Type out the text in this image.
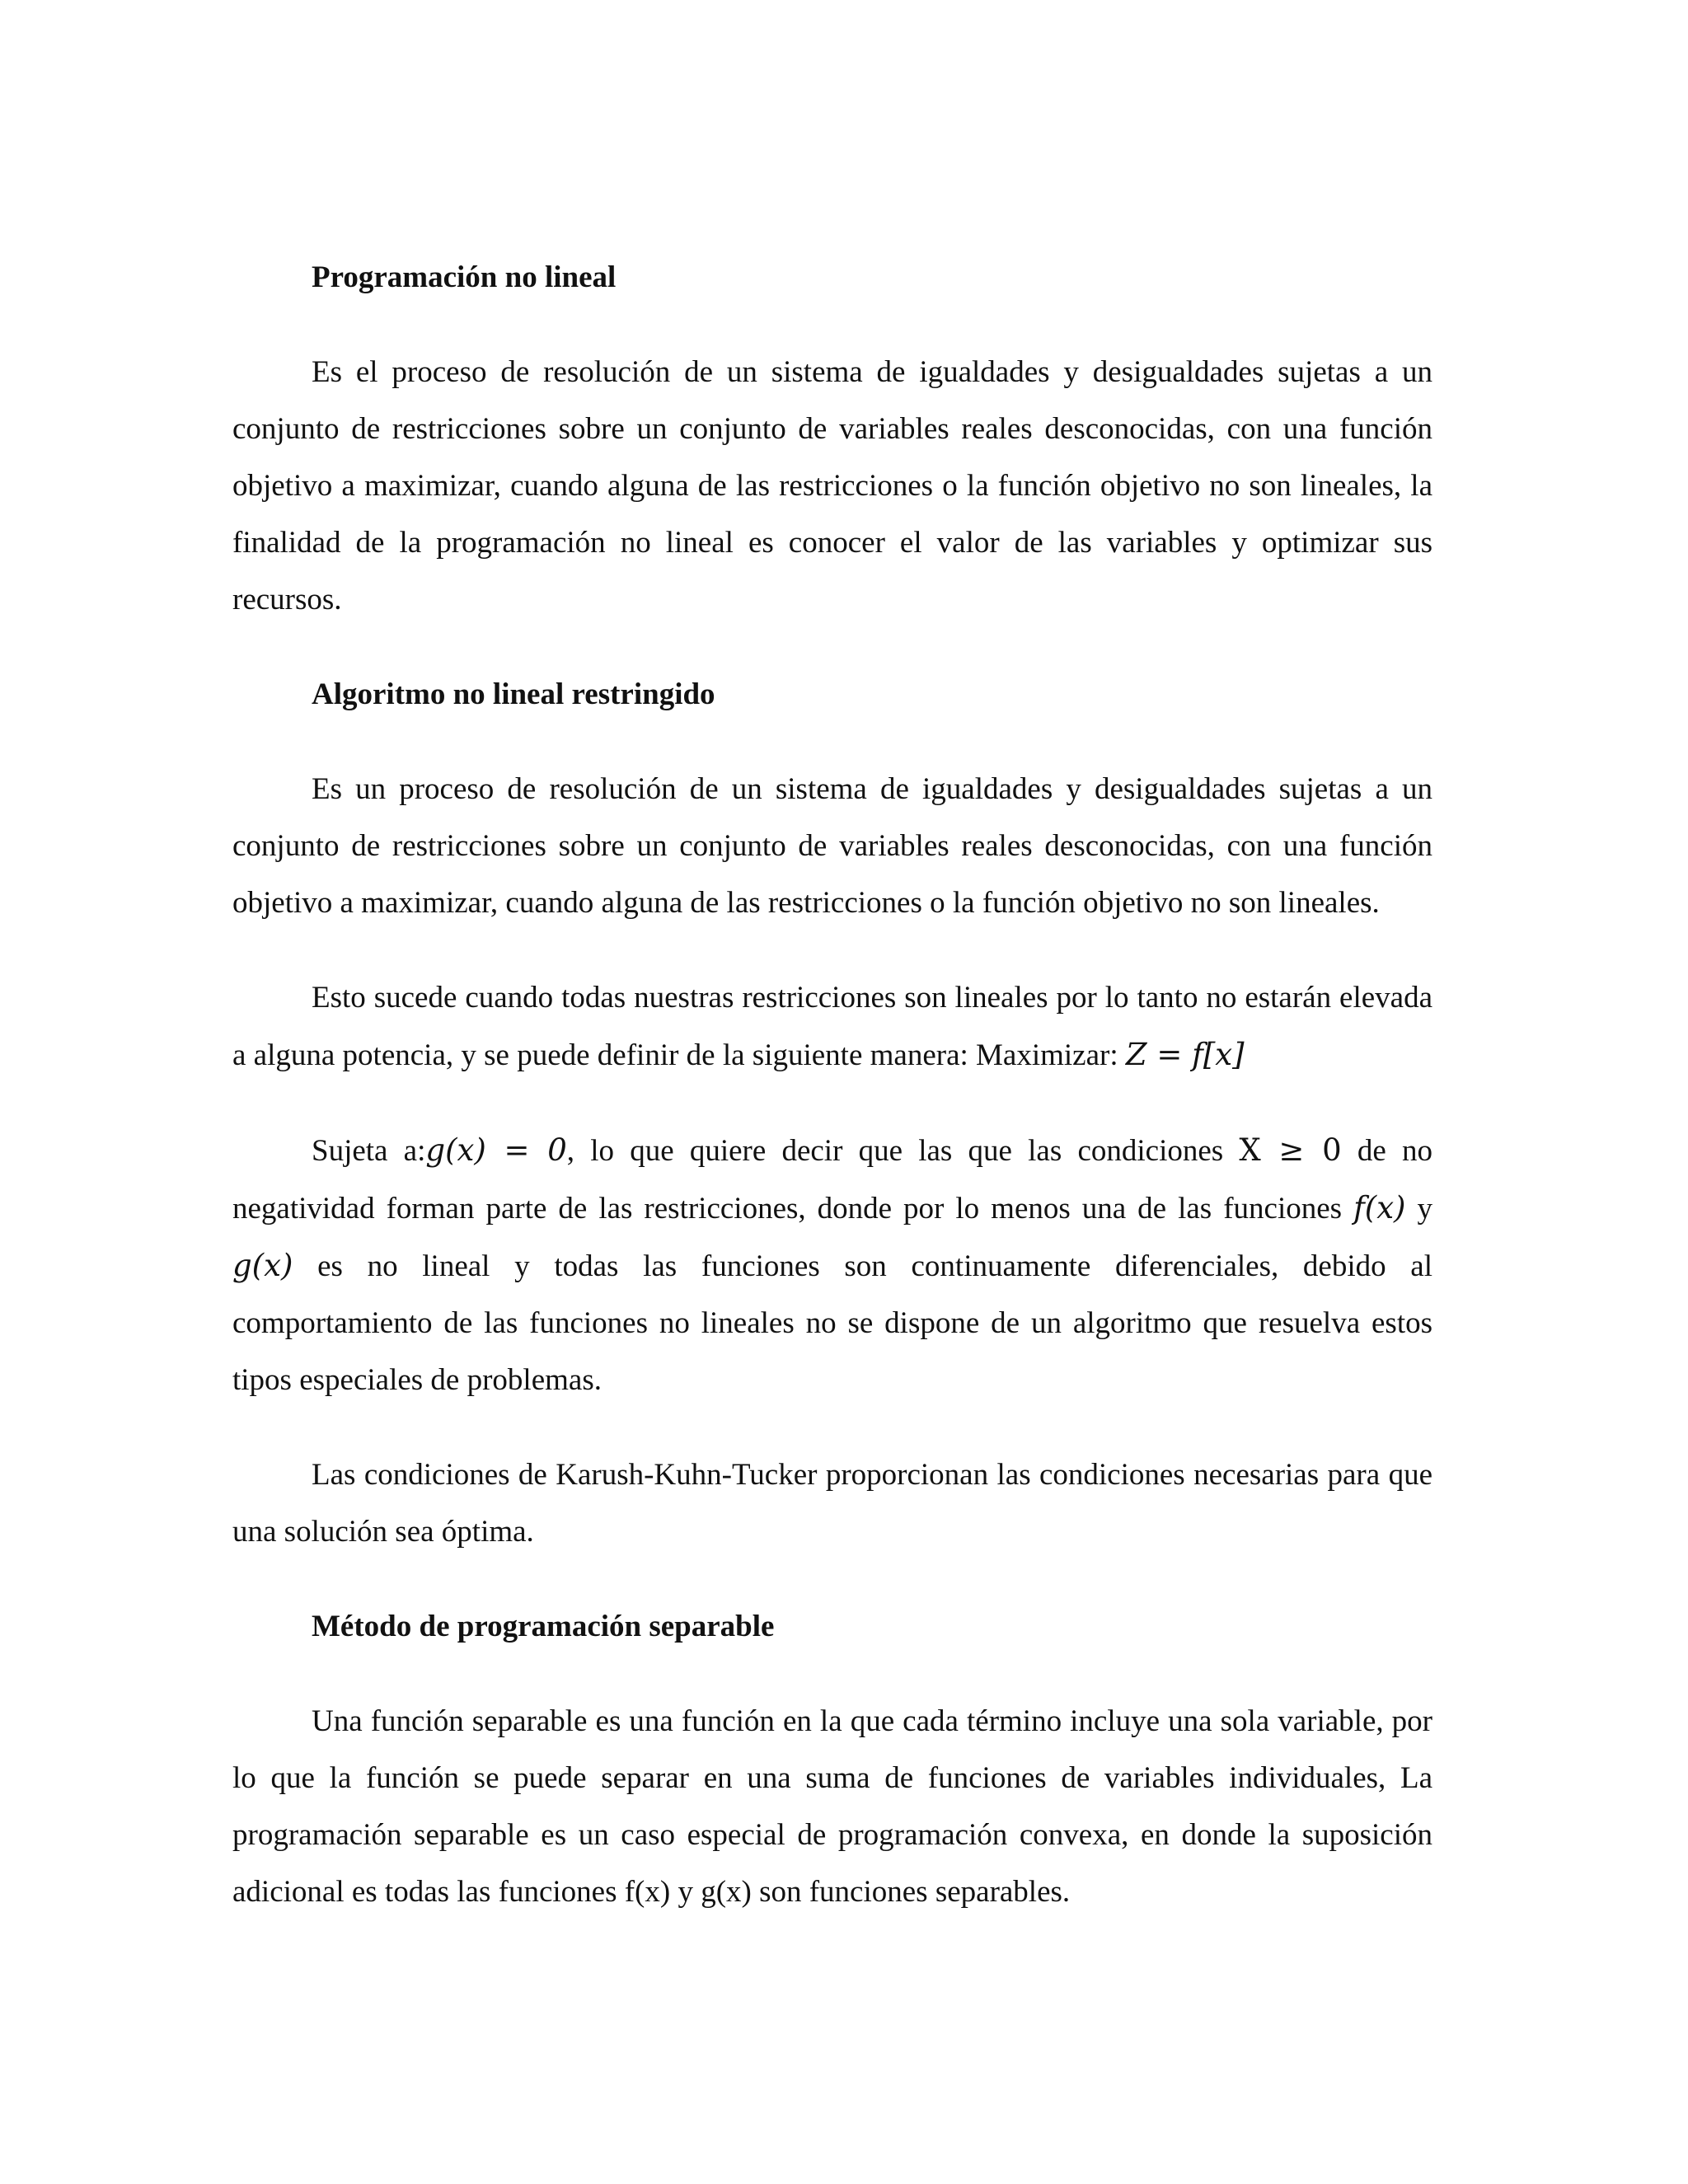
Programación no lineal

Es el proceso de resolución de un sistema de igualdades y desigualdades sujetas a un conjunto de restricciones sobre un conjunto de variables reales desconocidas, con una función objetivo a maximizar, cuando alguna de las restricciones o la función objetivo no son lineales, la finalidad de la programación no lineal es conocer el valor de las variables y optimizar sus recursos.

Algoritmo no lineal restringido

Es un proceso de resolución de un sistema de igualdades y desigualdades sujetas a un conjunto de restricciones sobre un conjunto de variables reales desconocidas, con una función objetivo a maximizar, cuando alguna de las restricciones o la función objetivo no son lineales.

Esto sucede cuando todas nuestras restricciones son lineales por lo tanto no estarán elevada a alguna potencia, y se puede definir de la siguiente manera: Maximizar: Z = f[x]

Sujeta a:g(x) = 0, lo que quiere decir que las que las condiciones X ≥ 0 de no negatividad forman parte de las restricciones, donde por lo menos una de las funciones f(x) y g(x) es no lineal y todas las funciones son continuamente diferenciales, debido al comportamiento de las funciones no lineales no se dispone de un algoritmo que resuelva estos tipos especiales de problemas.

Las condiciones de Karush-Kuhn-Tucker proporcionan las condiciones necesarias para que una solución sea óptima.

Método de programación separable

Una función separable es una función en la que cada término incluye una sola variable, por lo que la función se puede separar en una suma de funciones de variables individuales, La programación separable es un caso especial de programación convexa, en donde la suposición adicional es todas las funciones f(x) y g(x) son funciones separables.
